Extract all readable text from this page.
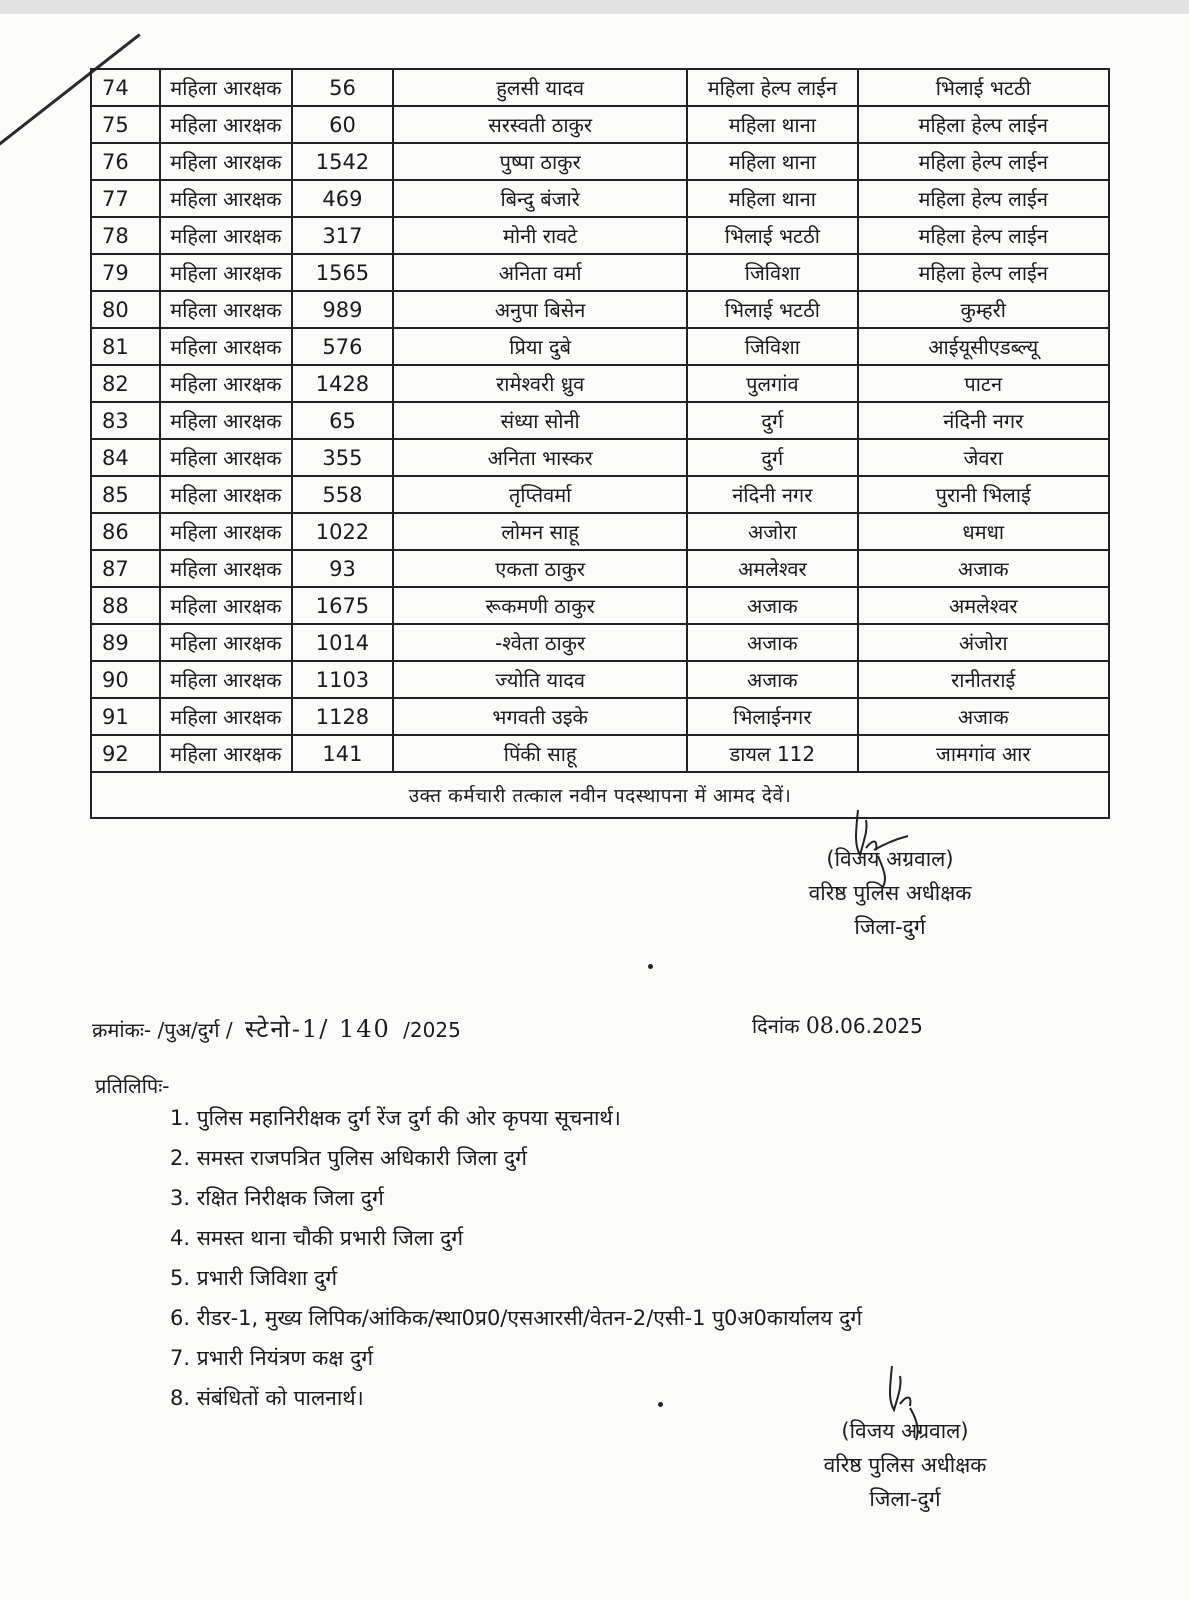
74	महिला आरक्षक	56	हुलसी यादव	महिला हेल्प लाईन	भिलाई भटठी
75	महिला आरक्षक	60	सरस्वती ठाकुर	महिला थाना	महिला हेल्प लाईन
76	महिला आरक्षक	1542	पुष्पा ठाकुर	महिला थाना	महिला हेल्प लाईन
77	महिला आरक्षक	469	बिन्दु बंजारे	महिला थाना	महिला हेल्प लाईन
78	महिला आरक्षक	317	मोनी रावटे	भिलाई भटठी	महिला हेल्प लाईन
79	महिला आरक्षक	1565	अनिता वर्मा	जिविशा	महिला हेल्प लाईन
80	महिला आरक्षक	989	अनुपा बिसेन	भिलाई भटठी	कुम्हरी
81	महिला आरक्षक	576	प्रिया दुबे	जिविशा	आईयूसीएडब्ल्यू
82	महिला आरक्षक	1428	रामेश्वरी ध्रुव	पुलगांव	पाटन
83	महिला आरक्षक	65	संध्या सोनी	दुर्ग	नंदिनी नगर
84	महिला आरक्षक	355	अनिता भास्कर	दुर्ग	जेवरा
85	महिला आरक्षक	558	तृप्तिवर्मा	नंदिनी नगर	पुरानी भिलाई
86	महिला आरक्षक	1022	लोमन साहू	अजोरा	धमधा
87	महिला आरक्षक	93	एकता ठाकुर	अमलेश्वर	अजाक
88	महिला आरक्षक	1675	रूकमणी ठाकुर	अजाक	अमलेश्वर
89	महिला आरक्षक	1014	-श्वेता ठाकुर	अजाक	अंजोरा
90	महिला आरक्षक	1103	ज्योति यादव	अजाक	रानीतराई
91	महिला आरक्षक	1128	भगवती उइके	भिलाईनगर	अजाक
92	महिला आरक्षक	141	पिंकी साहू	डायल 112	जामगांव आर
उक्त कर्मचारी तत्काल नवीन पदस्थापना में आमद देवें।					
(विजय अग्रवाल)
वरिष्ठ पुलिस अधीक्षक
जिला-दुर्ग
क्रमांकः- /पुअ/दुर्ग / स्टेनो-1/ 140 /2025	दिनांक 08.06.2025
प्रतिलिपिः-
1. पुलिस महानिरीक्षक दुर्ग रेंज दुर्ग की ओर कृपया सूचनार्थ।
2. समस्त राजपत्रित पुलिस अधिकारी जिला दुर्ग
3. रक्षित निरीक्षक जिला दुर्ग
4. समस्त थाना चौकी प्रभारी जिला दुर्ग
5. प्रभारी जिविशा दुर्ग
6. रीडर-1, मुख्य लिपिक/आंकिक/स्था0प्र0/एसआरसी/वेतन-2/एसी-1 पु0अ0कार्यालय दुर्ग
7. प्रभारी नियंत्रण कक्ष दुर्ग
8. संबंधितों को पालनार्थ।
(विजय अग्रवाल)
वरिष्ठ पुलिस अधीक्षक
जिला-दुर्ग
